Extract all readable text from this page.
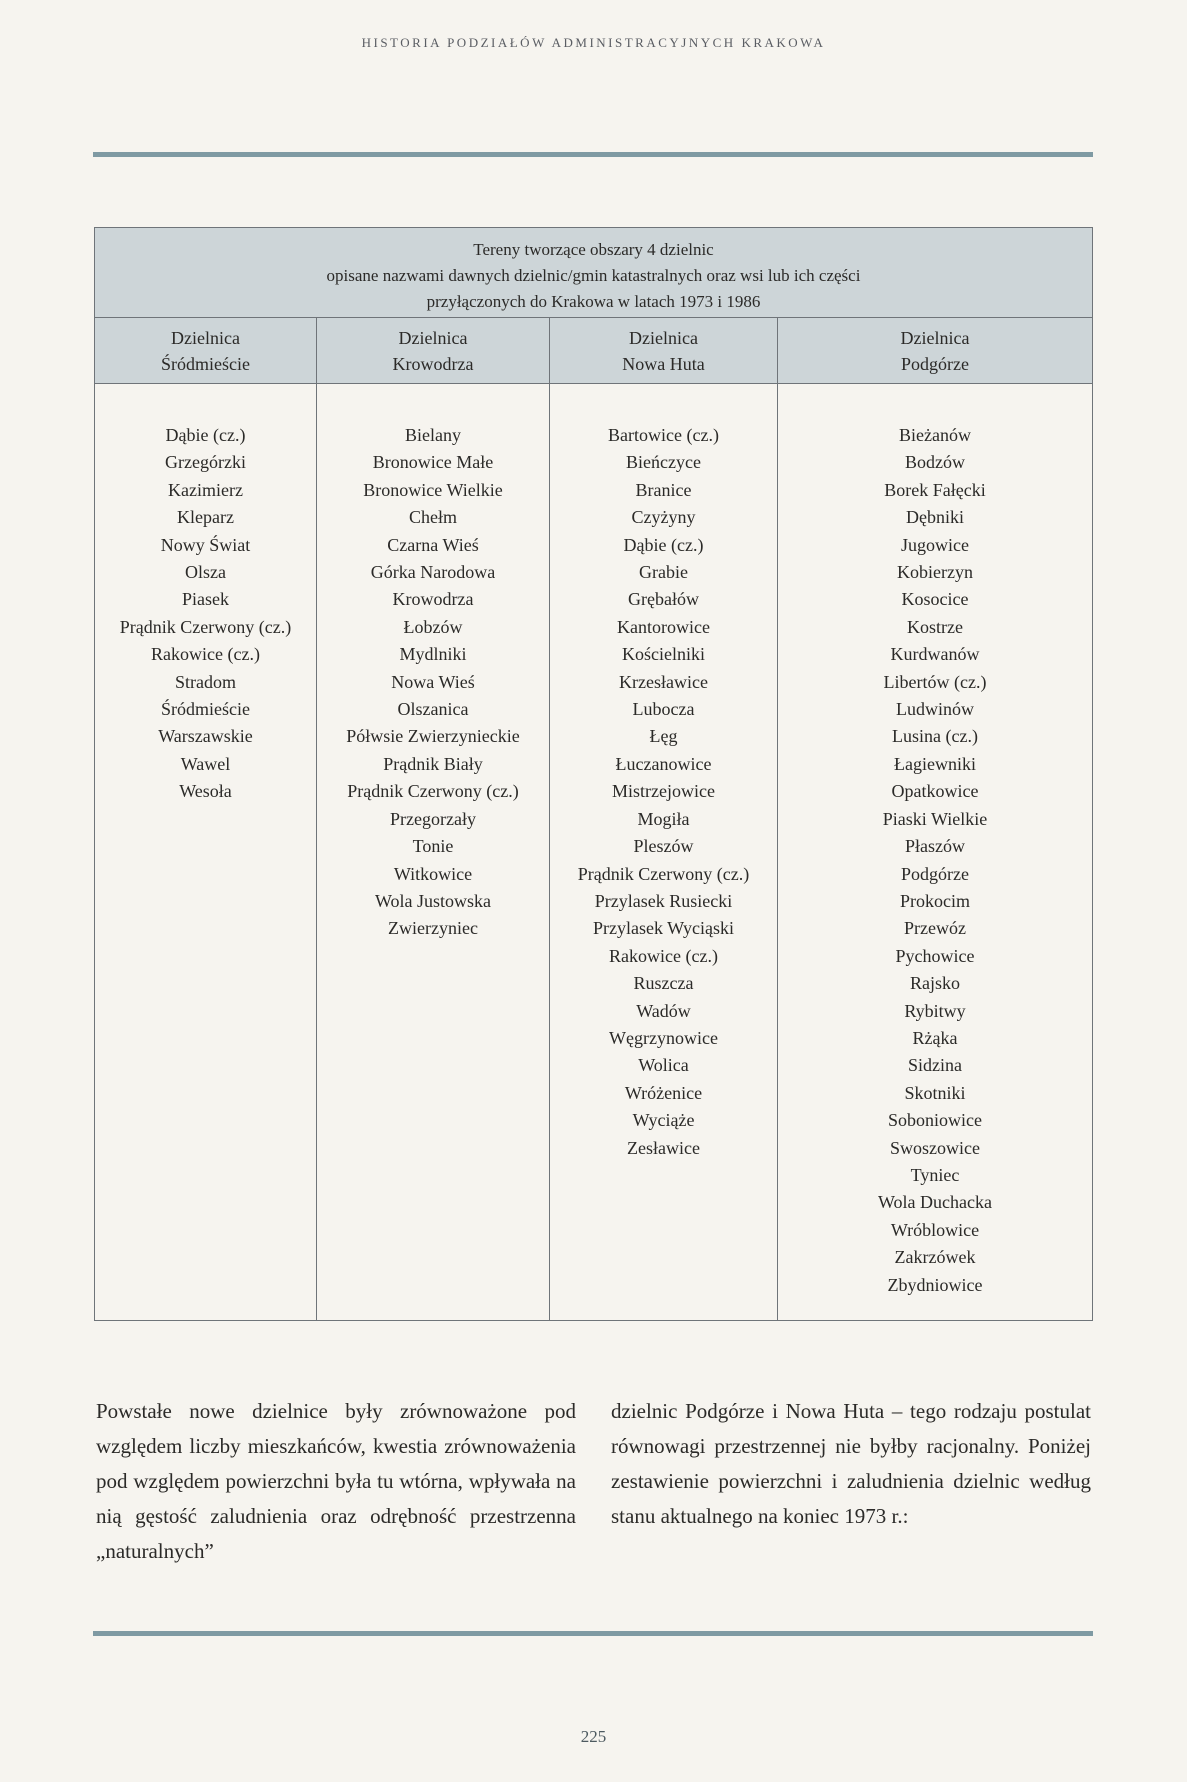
HISTORIA PODZIAŁÓW ADMINISTRACYJNYCH KRAKOWA
Tereny tworzące obszary 4 dzielnic
opisane nazwami dawnych dzielnic/gmin katastralnych oraz wsi lub ich części
przyłączonych do Krakowa w latach 1973 i 1986
Dzielnica
Śródmieście
Dzielnica
Krowodrza
Dzielnica
Nowa Huta
Dzielnica
Podgórze
Dąbie (cz.)
Grzegórzki
Kazimierz
Kleparz
Nowy Świat
Olsza
Piasek
Prądnik Czerwony (cz.)
Rakowice (cz.)
Stradom
Śródmieście
Warszawskie
Wawel
Wesoła
Bielany
Bronowice Małe
Bronowice Wielkie
Chełm
Czarna Wieś
Górka Narodowa
Krowodrza
Łobzów
Mydlniki
Nowa Wieś
Olszanica
Półwsie Zwierzynieckie
Prądnik Biały
Prądnik Czerwony (cz.)
Przegorzały
Tonie
Witkowice
Wola Justowska
Zwierzyniec
Bartowice (cz.)
Bieńczyce
Branice
Czyżyny
Dąbie (cz.)
Grabie
Grębałów
Kantorowice
Kościelniki
Krzesławice
Lubocza
Łęg
Łuczanowice
Mistrzejowice
Mogiła
Pleszów
Prądnik Czerwony (cz.)
Przylasek Rusiecki
Przylasek Wyciąski
Rakowice (cz.)
Ruszcza
Wadów
Węgrzynowice
Wolica
Wróżenice
Wyciąże
Zesławice
Bieżanów
Bodzów
Borek Fałęcki
Dębniki
Jugowice
Kobierzyn
Kosocice
Kostrze
Kurdwanów
Libertów (cz.)
Ludwinów
Lusina (cz.)
Łagiewniki
Opatkowice
Piaski Wielkie
Płaszów
Podgórze
Prokocim
Przewóz
Pychowice
Rajsko
Rybitwy
Rżąka
Sidzina
Skotniki
Soboniowice
Swoszowice
Tyniec
Wola Duchacka
Wróblowice
Zakrzówek
Zbydniowice
Powstałe nowe dzielnice były zrównoważone pod względem liczby mieszkańców, kwestia zrównoważenia pod względem powierzchni była tu wtórna, wpływała na nią gęstość zaludnienia oraz odrębność przestrzenna „naturalnych”
dzielnic Podgórze i Nowa Huta – tego rodzaju postulat równowagi przestrzennej nie byłby racjonalny. Poniżej zestawienie powierzchni i zaludnienia dzielnic według stanu aktualnego na koniec 1973 r.:
225
